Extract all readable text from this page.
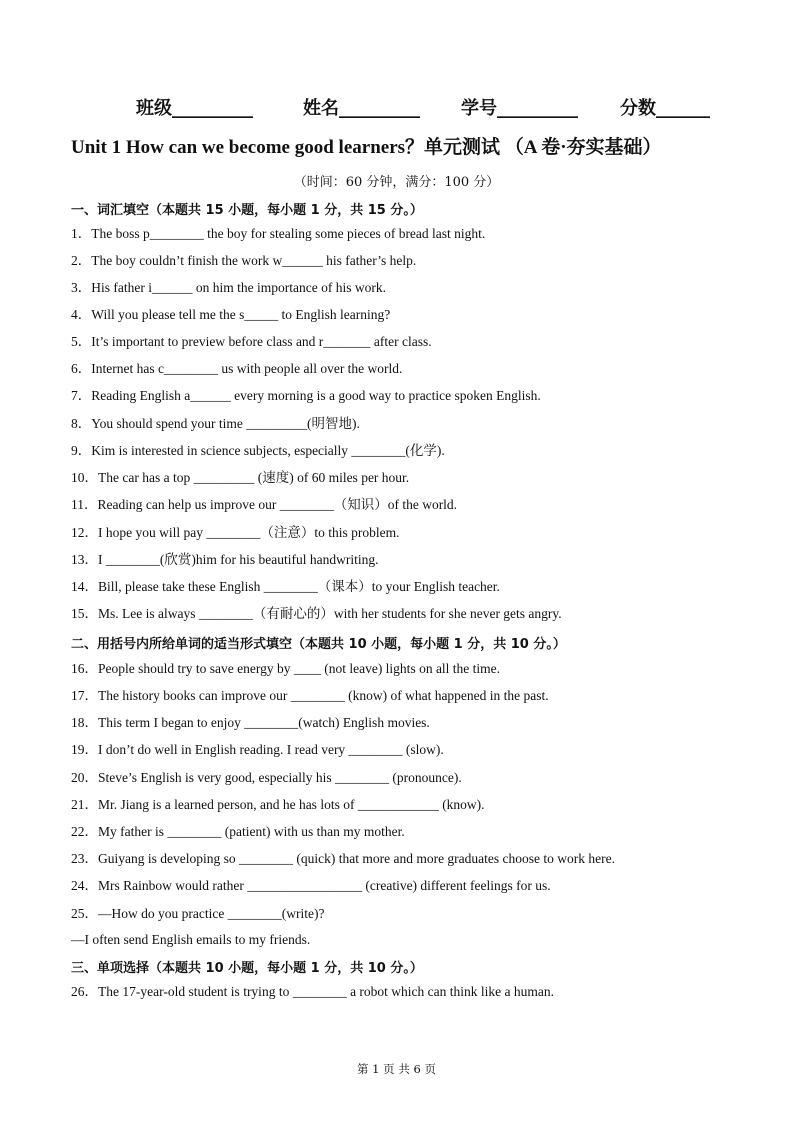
班级_________	姓名_________ 学号_________ 分数______
Unit 1 How can we become good learners？单元测试 （A 卷·夯实基础）
（时间：60 分钟，满分：100 分）
一、词汇填空（本题共 15 小题，每小题 1 分，共 15 分。）
1．The boss p________ the boy for stealing some pieces of bread last night.
2．The boy couldn’t finish the work w______ his father’s help.
3．His father i______ on him the importance of his work.
4．Will you please tell me the s_____ to English learning?
5．It’s important to preview before class and r_______ after class.
6．Internet has c________ us with people all over the world.
7．Reading English a______ every morning is a good way to practice spoken English.
8．You should spend your time _________(明智地).
9．Kim is interested in science subjects, especially ________(化学).
10．The car has a top _________ (速度) of 60 miles per hour.
11．Reading can help us improve our ________（知识）of the world.
12．I hope you will pay ________（注意）to this problem.
13．I ________(欣赏)him for his beautiful handwriting.
14．Bill, please take these English ________（课本）to your English teacher.
15．Ms. Lee is always ________（有耐心的）with her students for she never gets angry.
二、用括号内所给单词的适当形式填空（本题共 10 小题，每小题 1 分，共 10 分。）
16．People should try to save energy by ____ (not leave) lights on all the time.
17．The history books can improve our ________ (know) of what happened in the past.
18．This term I began to enjoy ________(watch) English movies.
19．I don’t do well in English reading. I read very ________ (slow).
20．Steve’s English is very good, especially his ________ (pronounce).
21．Mr. Jiang is a learned person, and he has lots of ____________ (know).
22．My father is ________ (patient) with us than my mother.
23．Guiyang is developing so ________ (quick) that more and more graduates choose to work here.
24．Mrs Rainbow would rather _________________ (creative) different feelings for us.
25．—How do you practice ________(write)?
—I often send English emails to my friends.
三、单项选择（本题共 10 小题，每小题 1 分，共 10 分。）
26．The 17-year-old student is trying to ________ a robot which can think like a human.
第 1 页 共 6 页
